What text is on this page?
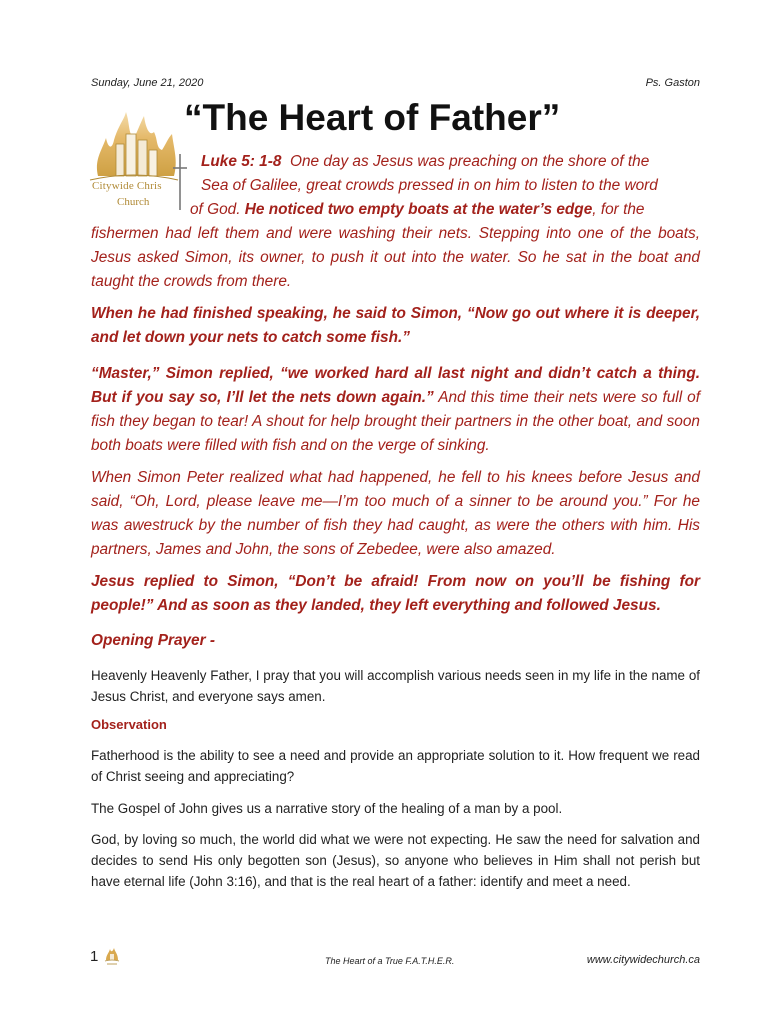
Sunday, June 21, 2020	Ps. Gaston
“The Heart of Father”
Citywide Chris
Church
Luke 5: 1-8 One day as Jesus was preaching on the shore of the
Sea of Galilee, great crowds pressed in on him to listen to the word
of God. He noticed two empty boats at the water’s edge, for the
fishermen had left them and were washing their nets. Stepping into one of the boats, Jesus asked Simon, its owner, to push it out into the water. So he sat in the boat and taught the crowds from there.
When he had finished speaking, he said to Simon, “Now go out where it is deeper, and let down your nets to catch some fish.”
“Master,” Simon replied, “we worked hard all last night and didn’t catch a thing. But if you say so, I’ll let the nets down again.” And this time their nets were so full of fish they began to tear! A shout for help brought their partners in the other boat, and soon both boats were filled with fish and on the verge of sinking.
When Simon Peter realized what had happened, he fell to his knees before Jesus and said, “Oh, Lord, please leave me—I’m too much of a sinner to be around you.” For he was awestruck by the number of fish they had caught, as were the others with him. His partners, James and John, the sons of Zebedee, were also amazed.
Jesus replied to Simon, “Don’t be afraid! From now on you’ll be fishing for people!” And as soon as they landed, they left everything and followed Jesus.
Opening Prayer -
Heavenly Heavenly Father, I pray that you will accomplish various needs seen in my life in the name of Jesus Christ, and everyone says amen.
Observation
Fatherhood is the ability to see a need and provide an appropriate solution to it. How frequent we read of Christ seeing and appreciating?
The Gospel of John gives us a narrative story of the healing of a man by a pool.
God, by loving so much, the world did what we were not expecting. He saw the need for salvation and decides to send His only begotten son (Jesus), so anyone who believes in Him shall not perish but have eternal life (John 3:16), and that is the real heart of a father: identify and meet a need.
1	The Heart of a True F.A.T.H.E.R.	www.citywidechurch.ca
